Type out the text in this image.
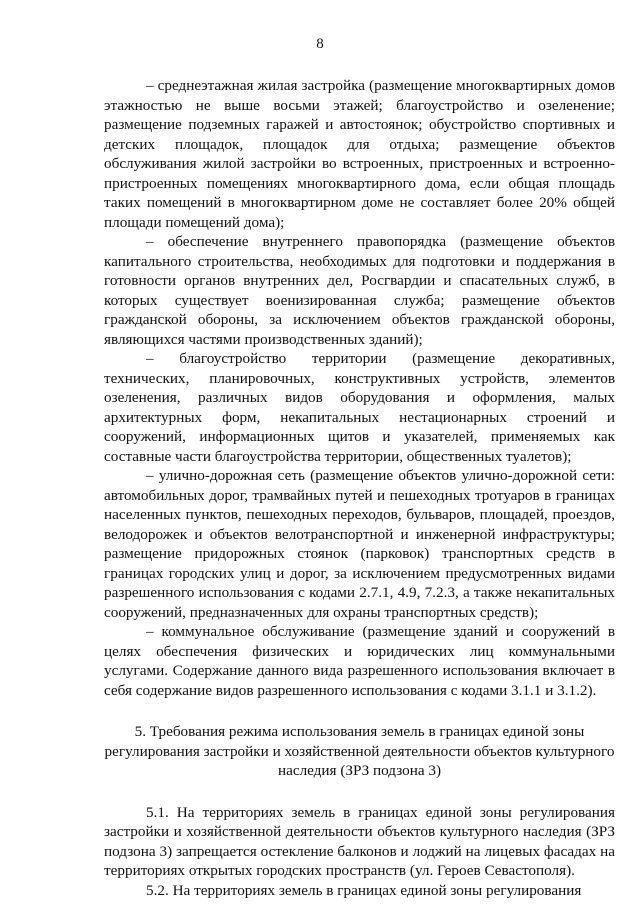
8

– среднеэтажная жилая застройка (размещение многоквартирных домов этажностью не выше восьми этажей; благоустройство и озеленение; размещение подземных гаражей и автостоянок; обустройство спортивных и детских площадок, площадок для отдыха; размещение объектов обслуживания жилой застройки во встроенных, пристроенных и встроенно-пристроенных помещениях многоквартирного дома, если общая площадь таких помещений в многоквартирном доме не составляет более 20% общей площади помещений дома);

– обеспечение внутреннего правопорядка (размещение объектов капитального строительства, необходимых для подготовки и поддержания в готовности органов внутренних дел, Росгвардии и спасательных служб, в которых существует военизированная служба; размещение объектов гражданской обороны, за исключением объектов гражданской обороны, являющихся частями производственных зданий);

– благоустройство территории (размещение декоративных, технических, планировочных, конструктивных устройств, элементов озеленения, различных видов оборудования и оформления, малых архитектурных форм, некапитальных нестационарных строений и сооружений, информационных щитов и указателей, применяемых как составные части благоустройства территории, общественных туалетов);

– улично-дорожная сеть (размещение объектов улично-дорожной сети: автомобильных дорог, трамвайных путей и пешеходных тротуаров в границах населенных пунктов, пешеходных переходов, бульваров, площадей, проездов, велодорожек и объектов велотранспортной и инженерной инфраструктуры; размещение придорожных стоянок (парковок) транспортных средств в границах городских улиц и дорог, за исключением предусмотренных видами разрешенного использования с кодами 2.7.1, 4.9, 7.2.3, а также некапитальных сооружений, предназначенных для охраны транспортных средств);

– коммунальное обслуживание (размещение зданий и сооружений в целях обеспечения физических и юридических лиц коммунальными услугами. Содержание данного вида разрешенного использования включает в себя содержание видов разрешенного использования с кодами 3.1.1 и 3.1.2).

5. Требования режима использования земель в границах единой зоны регулирования застройки и хозяйственной деятельности объектов культурного наследия (ЗРЗ подзона 3)

5.1. На территориях земель в границах единой зоны регулирования застройки и хозяйственной деятельности объектов культурного наследия (ЗРЗ подзона 3) запрещается остекление балконов и лоджий на лицевых фасадах на территориях открытых городских пространств (ул. Героев Севастополя).

5.2. На территориях земель в границах единой зоны регулирования
